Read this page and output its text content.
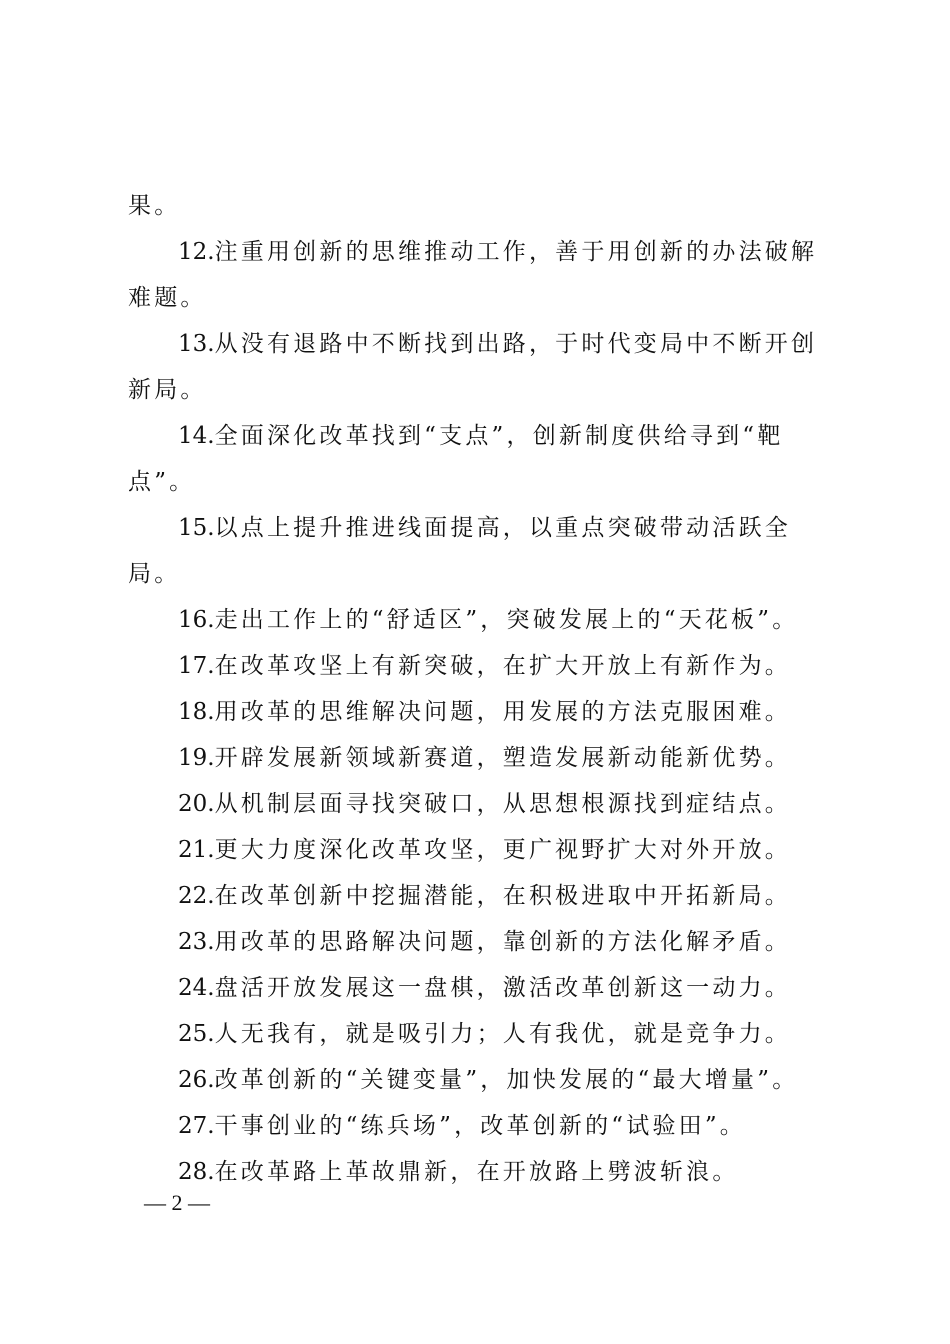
果。

12.注重用创新的思维推动工作，善于用创新的办法破解难题。

13.从没有退路中不断找到出路，于时代变局中不断开创新局。

14.全面深化改革找到“支点”，创新制度供给寻到“靶点”。

15.以点上提升推进线面提高，以重点突破带动活跃全局。

16.走出工作上的“舒适区”，突破发展上的“天花板”。

17.在改革攻坚上有新突破，在扩大开放上有新作为。

18.用改革的思维解决问题，用发展的方法克服困难。

19.开辟发展新领域新赛道，塑造发展新动能新优势。

20.从机制层面寻找突破口，从思想根源找到症结点。

21.更大力度深化改革攻坚，更广视野扩大对外开放。

22.在改革创新中挖掘潜能，在积极进取中开拓新局。

23.用改革的思路解决问题，靠创新的方法化解矛盾。

24.盘活开放发展这一盘棋，激活改革创新这一动力。

25.人无我有，就是吸引力；人有我优，就是竞争力。

26.改革创新的“关键变量”，加快发展的“最大增量”。

27.干事创业的“练兵场”，改革创新的“试验田”。

28.在改革路上革故鼎新，在开放路上劈波斩浪。

— 2 —
